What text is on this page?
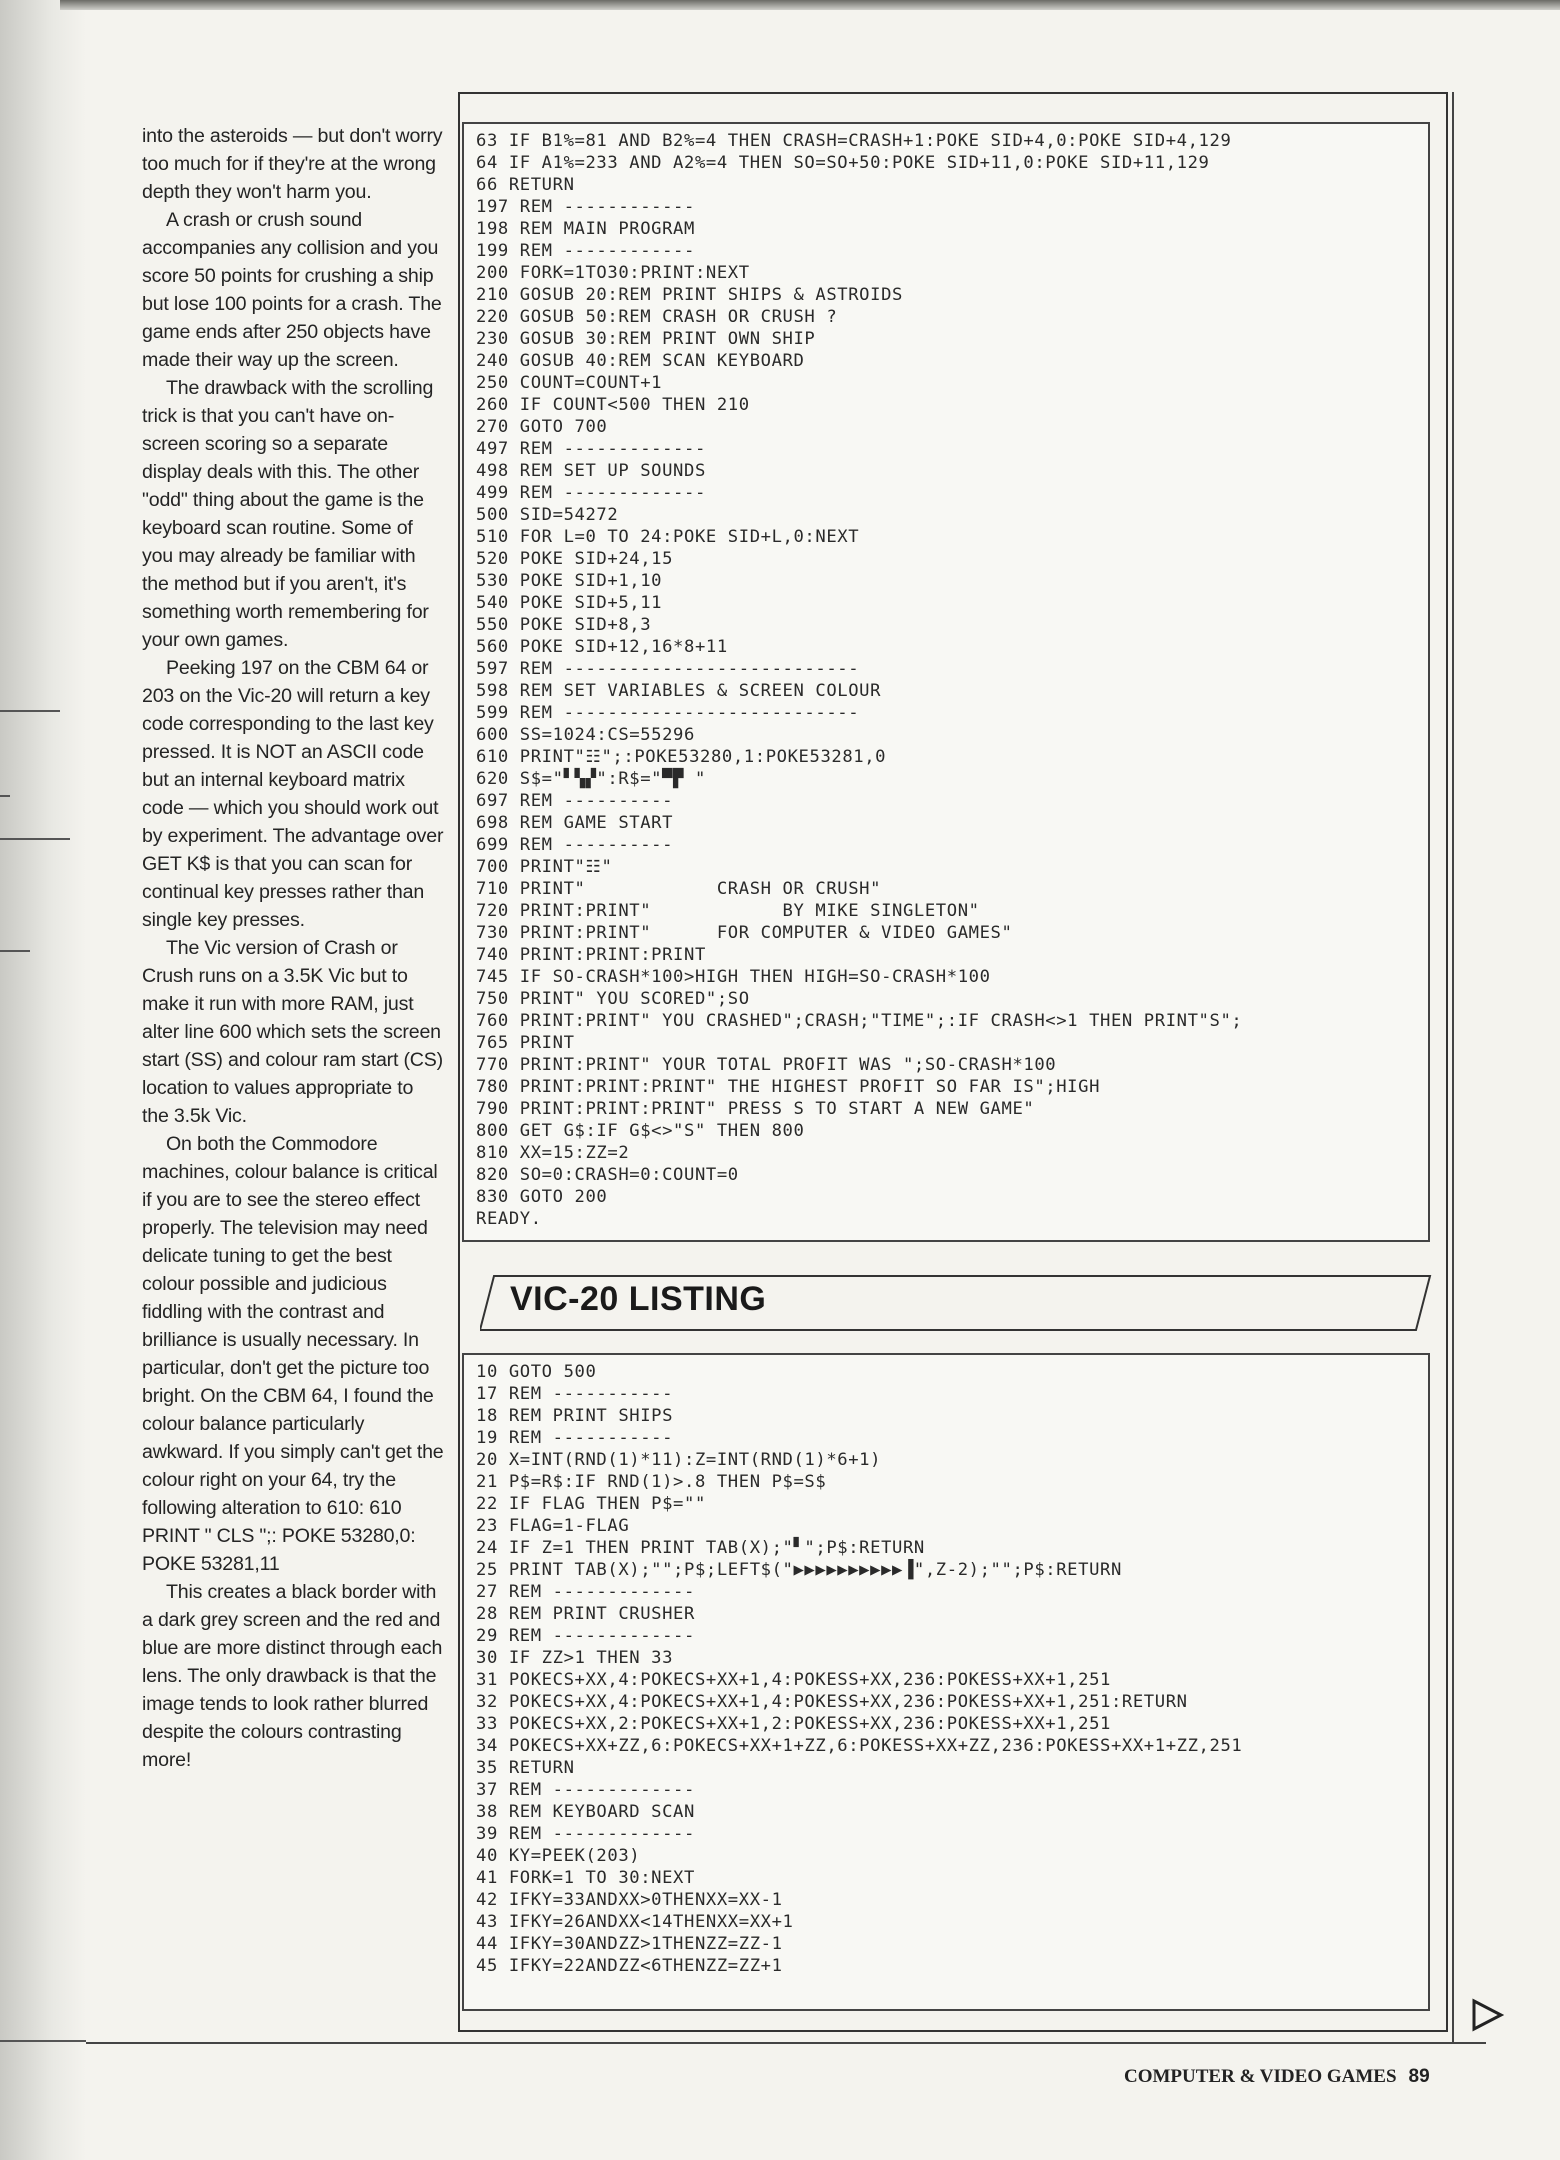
into the asteroids — but don't worry too much for if they're at the wrong depth they won't harm you.

A crash or crush sound accompanies any collision and you score 50 points for crushing a ship but lose 100 points for a crash. The game ends after 250 objects have made their way up the screen.

The drawback with the scrolling trick is that you can't have on-screen scoring so a separate display deals with this. The other "odd" thing about the game is the keyboard scan routine. Some of you may already be familiar with the method but if you aren't, it's something worth remembering for your own games.

Peeking 197 on the CBM 64 or 203 on the Vic-20 will return a key code corresponding to the last key pressed. It is NOT an ASCII code but an internal keyboard matrix code — which you should work out by experiment. The advantage over GET K$ is that you can scan for continual key presses rather than single key presses.

The Vic version of Crash or Crush runs on a 3.5K Vic but to make it run with more RAM, just alter line 600 which sets the screen start (SS) and colour ram start (CS) location to values appropriate to the 3.5k Vic.

On both the Commodore machines, colour balance is critical if you are to see the stereo effect properly. The television may need delicate tuning to get the best colour possible and judicious fiddling with the contrast and brilliance is usually necessary. In particular, don't get the picture too bright. On the CBM 64, I found the colour balance particularly awkward. If you simply can't get the colour right on your 64, try the following alteration to 610: 610 PRINT " CLS ";: POKE 53280,0: POKE 53281,11

This creates a black border with a dark grey screen and the red and blue are more distinct through each lens. The only drawback is that the image tends to look rather blurred despite the colours contrasting more!

63 IF B1%=81 AND B2%=4 THEN CRASH=CRASH+1:POKE SID+4,0:POKE SID+4,129
64 IF A1%=233 AND A2%=4 THEN SO=SO+50:POKE SID+11,0:POKE SID+11,129
66 RETURN
197 REM ------------
198 REM MAIN PROGRAM
199 REM ------------
200 FORK=1TO30:PRINT:NEXT
210 GOSUB 20:REM PRINT SHIPS & ASTROIDS
220 GOSUB 50:REM CRASH OR CRUSH ?
230 GOSUB 30:REM PRINT OWN SHIP
240 GOSUB 40:REM SCAN KEYBOARD
250 COUNT=COUNT+1
260 IF COUNT<500 THEN 210
270 GOTO 700
497 REM -------------
498 REM SET UP SOUNDS
499 REM -------------
500 SID=54272
510 FOR L=0 TO 24:POKE SID+L,0:NEXT
520 POKE SID+24,15
530 POKE SID+1,10
540 POKE SID+5,11
550 POKE SID+8,3
560 POKE SID+12,16*8+11
597 REM ---------------------------
598 REM SET VARIABLES & SCREEN COLOUR
599 REM ---------------------------
600 SS=1024:CS=55296
610 PRINT"☷";:POKE53280,1:POKE53281,0
620 S$="▘▚▞":R$="▀▛ "
697 REM ----------
698 REM GAME START
699 REM ----------
700 PRINT"☷"
710 PRINT"            CRASH OR CRUSH"
720 PRINT:PRINT"            BY MIKE SINGLETON"
730 PRINT:PRINT"      FOR COMPUTER & VIDEO GAMES"
740 PRINT:PRINT:PRINT
745 IF SO-CRASH*100>HIGH THEN HIGH=SO-CRASH*100
750 PRINT" YOU SCORED";SO
760 PRINT:PRINT" YOU CRASHED";CRASH;"TIME";:IF CRASH<>1 THEN PRINT"S";
765 PRINT
770 PRINT:PRINT" YOUR TOTAL PROFIT WAS ";SO-CRASH*100
780 PRINT:PRINT:PRINT" THE HIGHEST PROFIT SO FAR IS";HIGH
790 PRINT:PRINT:PRINT" PRESS S TO START A NEW GAME"
800 GET G$:IF G$<>"S" THEN 800
810 XX=15:ZZ=2
820 SO=0:CRASH=0:COUNT=0
830 GOTO 200
READY.
VIC-20 LISTING
10 GOTO 500
17 REM -----------
18 REM PRINT SHIPS
19 REM -----------
20 X=INT(RND(1)*11):Z=INT(RND(1)*6+1)
21 P$=R$:IF RND(1)>.8 THEN P$=S$
22 IF FLAG THEN P$=""
23 FLAG=1-FLAG
24 IF Z=1 THEN PRINT TAB(X);"▘";P$:RETURN
25 PRINT TAB(X);"";P$;LEFT$("▶▶▶▶▶▶▶▶▶▶▐",Z-2);"";P$:RETURN
27 REM -------------
28 REM PRINT CRUSHER
29 REM -------------
30 IF ZZ>1 THEN 33
31 POKECS+XX,4:POKECS+XX+1,4:POKESS+XX,236:POKESS+XX+1,251
32 POKECS+XX,4:POKECS+XX+1,4:POKESS+XX,236:POKESS+XX+1,251:RETURN
33 POKECS+XX,2:POKECS+XX+1,2:POKESS+XX,236:POKESS+XX+1,251
34 POKECS+XX+ZZ,6:POKECS+XX+1+ZZ,6:POKESS+XX+ZZ,236:POKESS+XX+1+ZZ,251
35 RETURN
37 REM -------------
38 REM KEYBOARD SCAN
39 REM -------------
40 KY=PEEK(203)
41 FORK=1 TO 30:NEXT
42 IFKY=33ANDXX>0THENXX=XX-1
43 IFKY=26ANDXX<14THENXX=XX+1
44 IFKY=30ANDZZ>1THENZZ=ZZ-1
45 IFKY=22ANDZZ<6THENZZ=ZZ+1
COMPUTER & VIDEO GAMES 89
